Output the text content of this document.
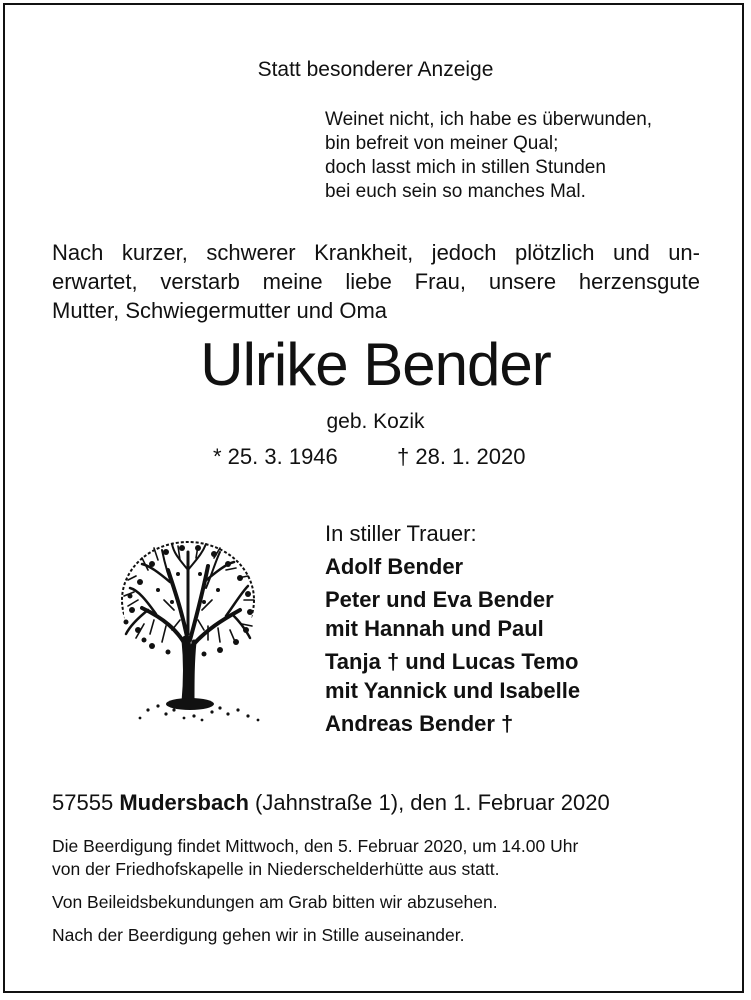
Statt besonderer Anzeige
Weinet nicht, ich habe es überwunden,
bin befreit von meiner Qual;
doch lasst mich in stillen Stunden
bei euch sein so manches Mal.
Nach kurzer, schwerer Krankheit, jedoch plötzlich und un-
erwartet, verstarb meine liebe Frau, unsere herzensgute
Mutter, Schwiegermutter und Oma
Ulrike Bender
geb. Kozik
* 25. 3. 1946	† 28. 1. 2020
In stiller Trauer:
Adolf Bender
Peter und Eva Bender
mit Hannah und Paul
Tanja † und Lucas Temo
mit Yannick und Isabelle
Andreas Bender †
57555 Mudersbach (Jahnstraße 1), den 1. Februar 2020
Die Beerdigung findet Mittwoch, den 5. Februar 2020, um 14.00 Uhr
von der Friedhofskapelle in Niederschelderhütte aus statt.
Von Beileidsbekundungen am Grab bitten wir abzusehen.
Nach der Beerdigung gehen wir in Stille auseinander.
